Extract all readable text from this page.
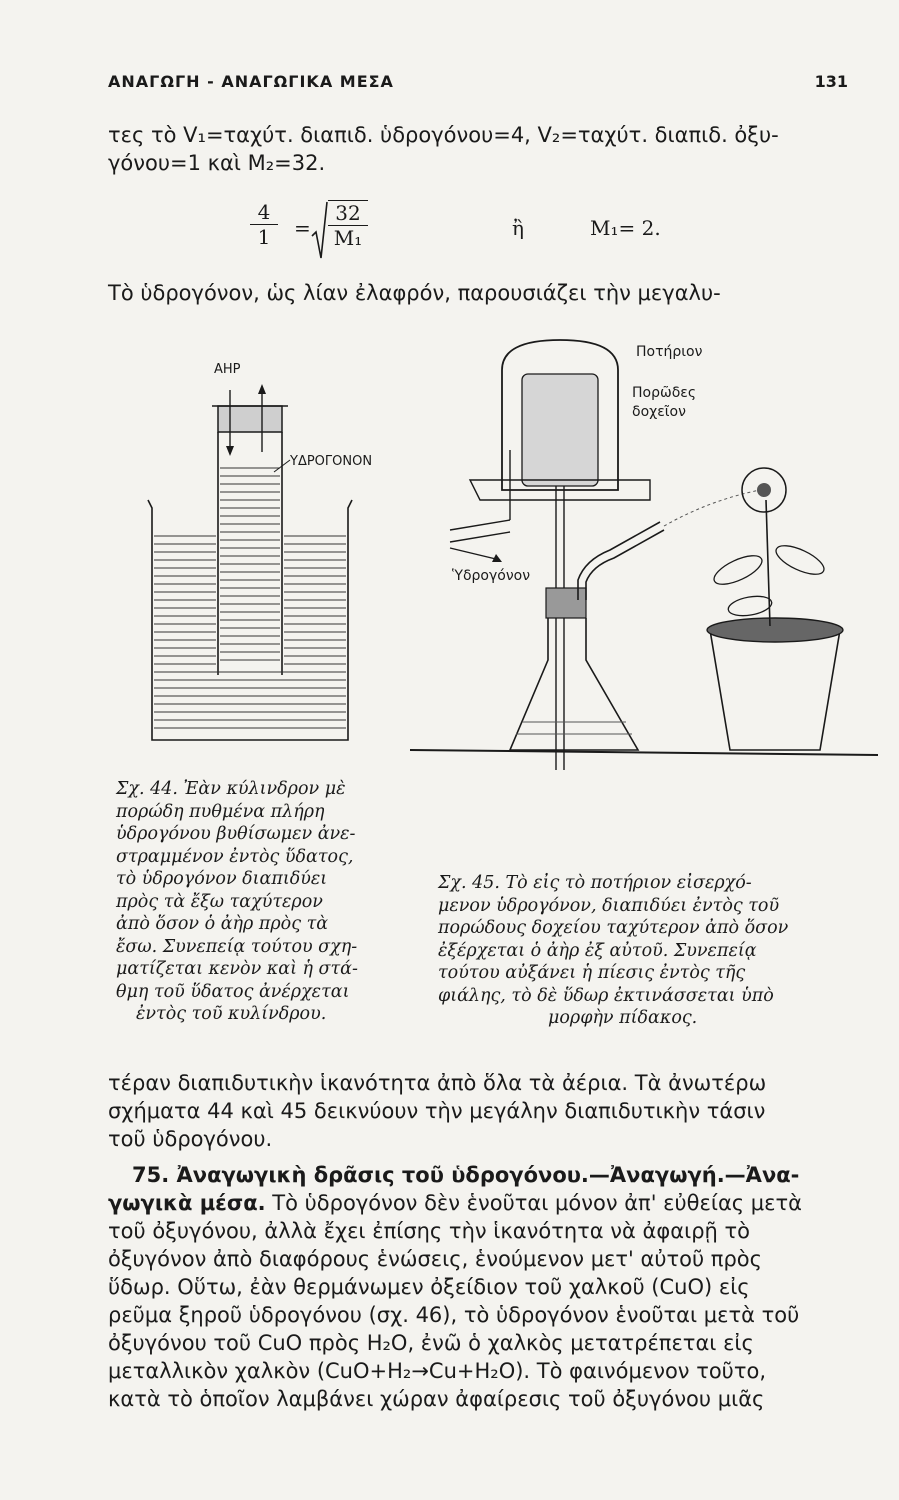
ΑΝΑΓΩΓΗ - ΑΝΑΓΩΓΙΚΑ ΜΕΣΑ	131
τες τὸ V₁=ταχύτ. διαπιδ. ὑδρογόνου=4, V₂=ταχύτ. διαπιδ. ὀξυ-
γόνου=1 καὶ M₂=32.
$\frac{4}{1} = \frac{32}{\text{M₁}}$	ἢ	M₁= 2.
Τὸ ὑδρογόνον, ὡς λίαν ἐλαφρόν, παρουσιάζει τὴν μεγαλυ-
ΑΗΡ
ΥΔΡΟΓΟΝΟΝ
Ποτήριον
Πορῶδες
δοχεῖον
Ὑδρογόνον
Σχ. 44. Ἐὰν κύλινδρον μὲ
πορώδη πυθμένα πλήρη
ὑδρογόνου βυθίσωμεν ἀνε-
στραμμένον ἐντὸς ὕδατος,
τὸ ὑδρογόνον διαπιδύει
πρὸς τὰ ἔξω ταχύτερον
ἀπὸ ὅσον ὁ ἀὴρ πρὸς τὰ
ἔσω. Συνεπείᾳ τούτου σχη-
ματίζεται κενὸν καὶ ἡ στά-
θμη τοῦ ὕδατος ἀνέρχεται
ἐντὸς τοῦ κυλίνδρου.
Σχ. 45. Τὸ εἰς τὸ ποτήριον εἰσερχό-
μενον ὑδρογόνον, διαπιδύει ἐντὸς τοῦ
πορώδους δοχείου ταχύτερον ἀπὸ ὅσον
ἐξέρχεται ὁ ἀὴρ ἐξ αὐτοῦ. Συνεπείᾳ
τούτου αὐξάνει ἡ πίεσις ἐντὸς τῆς
φιάλης, τὸ δὲ ὕδωρ ἐκτινάσσεται ὑπὸ
μορφὴν πίδακος.
τέραν διαπιδυτικὴν ἱκανότητα ἀπὸ ὅλα τὰ ἀέρια. Τὰ ἀνωτέρω
σχήματα 44 καὶ 45 δεικνύουν τὴν μεγάλην διαπιδυτικὴν τάσιν
τοῦ ὑδρογόνου.
75. Ἀναγωγικὴ δρᾶσις τοῦ ὑδρογόνου.—Ἀναγωγή.—Ἀνα-
γωγικὰ μέσα. Τὸ ὑδρογόνον δὲν ἑνοῦται μόνον ἀπ' εὐθείας μετὰ
τοῦ ὀξυγόνου, ἀλλὰ ἔχει ἐπίσης τὴν ἱκανότητα νὰ ἀφαιρῇ τὸ
ὀξυγόνον ἀπὸ διαφόρους ἑνώσεις, ἑνούμενον μετ' αὐτοῦ πρὸς
ὕδωρ. Οὕτω, ἐὰν θερμάνωμεν ὀξείδιον τοῦ χαλκοῦ (CuO) εἰς
ρεῦμα ξηροῦ ὑδρογόνου (σχ. 46), τὸ ὑδρογόνον ἑνοῦται μετὰ τοῦ
ὀξυγόνου τοῦ CuO πρὸς H₂O, ἐνῶ ὁ χαλκὸς μετατρέπεται εἰς
μεταλλικὸν χαλκὸν (CuO+H₂→Cu+H₂O). Τὸ φαινόμενον τοῦτο,
κατὰ τὸ ὁποῖον λαμβάνει χώραν ἀφαίρεσις τοῦ ὀξυγόνου μιᾶς
